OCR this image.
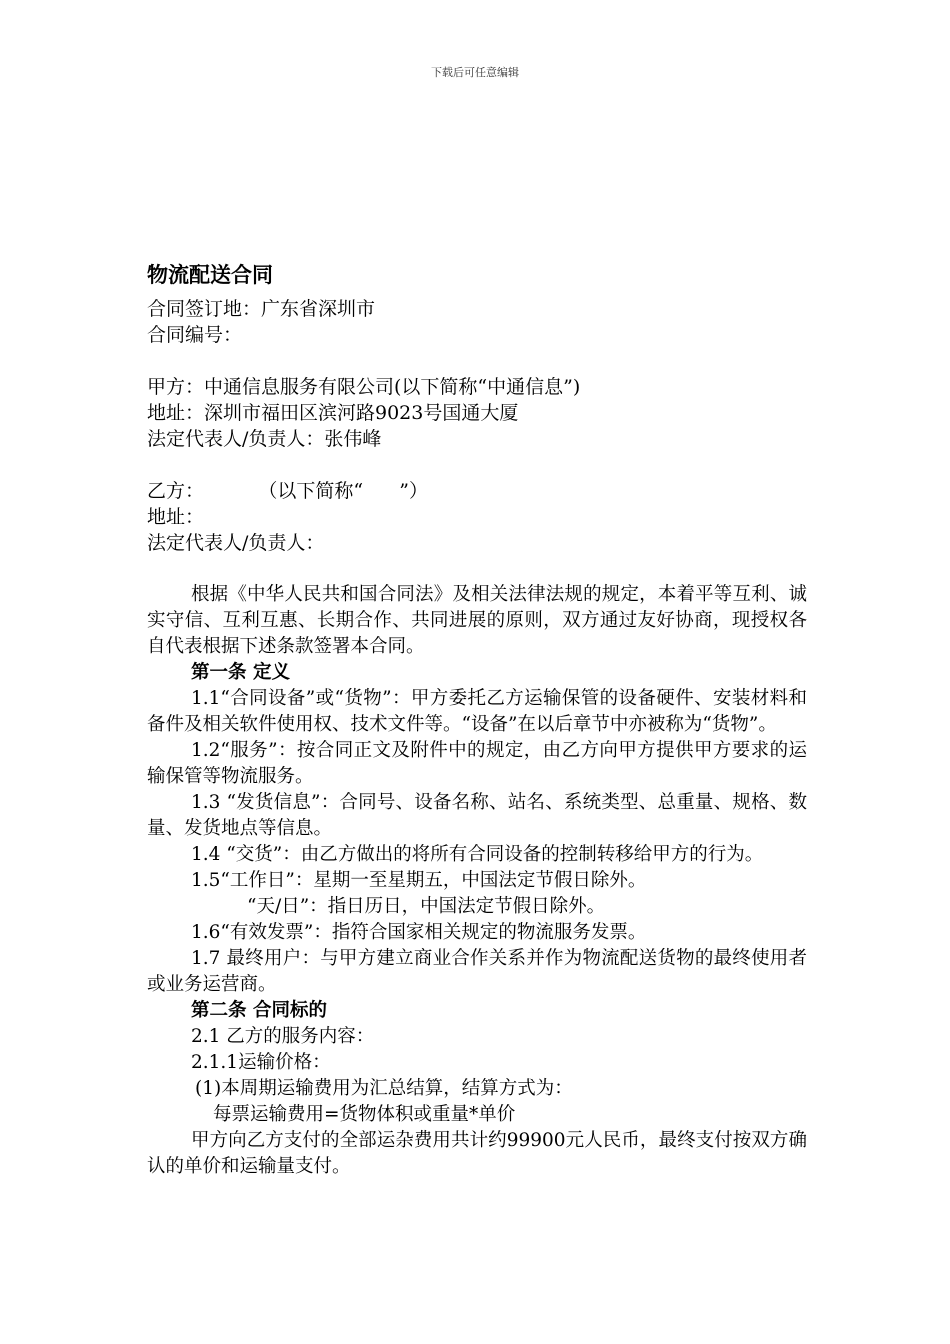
下载后可任意编辑
物流配送合同
合同签订地：广东省深圳市
合同编号：
甲方：中通信息服务有限公司(以下简称“中通信息”)
地址：深圳市福田区滨河路9023号国通大厦
法定代表人/负责人：张伟峰
乙方：         （以下简称“      ”）
地址：
法定代表人/负责人：

根据《中华人民共和国合同法》及相关法律法规的规定，本着平等互利、诚实守信、互利互惠、长期合作、共同进展的原则，双方通过友好协商，现授权各自代表根据下述条款签署本合同。

第一条 定义

1.1“合同设备”或“货物”：甲方委托乙方运输保管的设备硬件、安装材料和备件及相关软件使用权、技术文件等。“设备”在以后章节中亦被称为“货物”。

1.2“服务”：按合同正文及附件中的规定，由乙方向甲方提供甲方要求的运输保管等物流服务。

1.3 “发货信息”：合同号、设备名称、站名、系统类型、总重量、规格、数量、发货地点等信息。

1.4 “交货”：由乙方做出的将所有合同设备的控制转移给甲方的行为。

1.5“工作日”：星期一至星期五，中国法定节假日除外。
“天/日”：指日历日，中国法定节假日除外。
1.6“有效发票”：指符合国家相关规定的物流服务发票。

1.7 最终用户：与甲方建立商业合作关系并作为物流配送货物的最终使用者或业务运营商。

第二条 合同标的
2.1 乙方的服务内容：
2.1.1运输价格：
(1)本周期运输费用为汇总结算，结算方式为：
每票运输费用=货物体积或重量*单价

甲方向乙方支付的全部运杂费用共计约99900元人民币，最终支付按双方确认的单价和运输量支付。
